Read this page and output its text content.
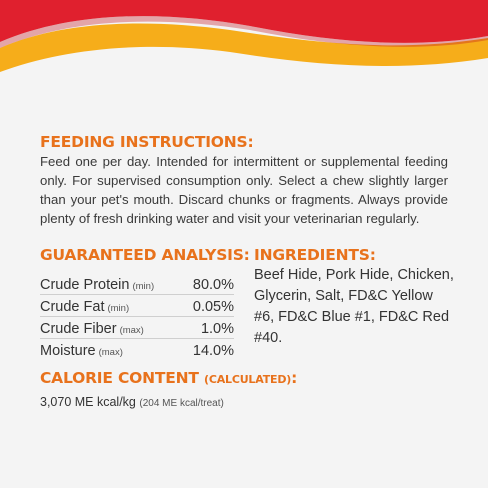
FEEDING INSTRUCTIONS:
Feed one per day. Intended for intermittent or supplemental feeding only. For supervised consumption only. Select a chew slightly larger than your pet's mouth. Discard chunks or fragments. Always provide plenty of fresh drinking water and visit your veterinarian regularly.
GUARANTEED ANALYSIS:
Crude Protein (min)	80.0%
Crude Fat (min)	0.05%
Crude Fiber (max)	1.0%
Moisture (max)	14.0%
INGREDIENTS:
Beef Hide, Pork Hide, Chicken, Glycerin, Salt, FD&C Yellow #6, FD&C Blue #1, FD&C Red #40.
CALORIE CONTENT (CALCULATED):
3,070 ME kcal/kg (204 ME kcal/treat)
